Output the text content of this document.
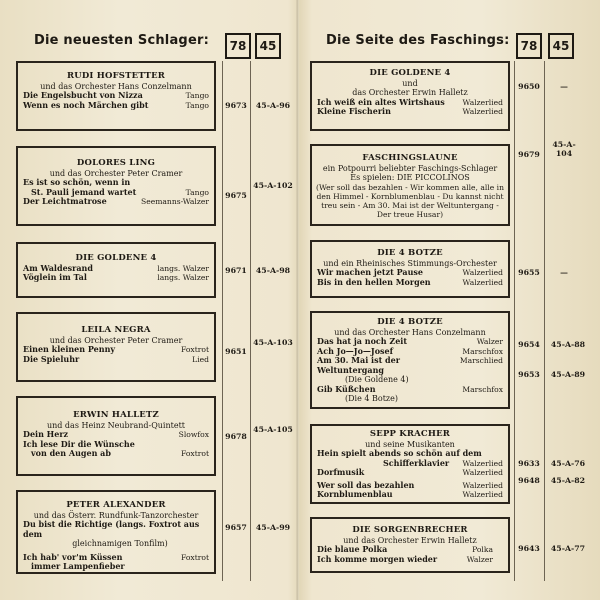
Die neuesten Schlager:	78	45	Die Seite des Faschings: 78	45
RUDI HOFSTETTER
und das Orchester Hans Conzelmann
Die Engelsbucht von Nizza	Tango
Wenn es noch Märchen gibt	Tango	9673	45-A-96
DOLORES LING
und das Orchester Peter Cramer
Es ist so schön, wenn in
St. Pauli jemand wartet	Tango
Der Leichtmatrose	Seemanns-Walzer
9675
45-A-102
DIE GOLDENE 4
Am Waldesrand	langs. Walzer
Vöglein im Tal	langs. Walzer
9671	45-A-98
LEILA NEGRA
und das Orchester Peter Cramer
Einen kleinen Penny	Foxtrot
Die Spieluhr	Lied
9651
45-A-103
ERWIN HALLETZ
und das Heinz Neubrand-Quintett
Dein Herz	Slowfox
Ich lese Dir die Wünsche
von den Augen ab	Foxtrot
9678
45-A-105
PETER ALEXANDER
und das Österr. Rundfunk-Tanzorchester
Du bist die Richtige (langs. Foxtrot aus dem
gleichnamigen Tonfilm)
Ich hab' vor'm Küssen	Foxtrot
immer Lampenfieber
9657	45-A-99
DIE GOLDENE 4
und
das Orchester Erwin Halletz
Ich weiß ein altes Wirtshaus Walzerlied
Kleine Fischerin	Walzerlied
9650	—
FASCHINGSLAUNE
ein Potpourri beliebter Faschings-Schlager
Es spielen: DIE PICCOLINOS
(Wer soll das bezahlen - Wir kommen alle, alle in den Himmel - Kornblumenblau - Du kannst nicht treu sein - Am 30. Mai ist der Weltuntergang - Der treue Husar)
9679
45-A-104
DIE 4 BOTZE
und ein Rheinisches Stimmungs-Orchester
Wir machen jetzt Pause	Walzerlied
Bis in den hellen Morgen	Walzerlied
9655	—
DIE 4 BOTZE
und das Orchester Hans Conzelmann
Das hat ja noch Zeit	Walzer
Ach Jo—Jo—Josef	Marschfox
Am 30. Mai ist der Weltuntergang
Marschlied
(Die Goldene 4)
Gib Küßchen	Marschfox
(Die 4 Botze)
9654	45-A-88
9653	45-A-89
SEPP KRACHER
und seine Musikanten
Hein spielt abends so schön auf dem
Schifferklavier Walzerlied
Dorfmusik	Walzerlied
Wer soll das bezahlen	Walzerlied
Kornblumenblau	Walzerlied
9633	45-A-76
9648	45-A-82
DIE SORGENBRECHER
und das Orchester Erwin Halletz
Die blaue Polka	Polka
Ich komme morgen wieder	Walzer
9643	45-A-77
